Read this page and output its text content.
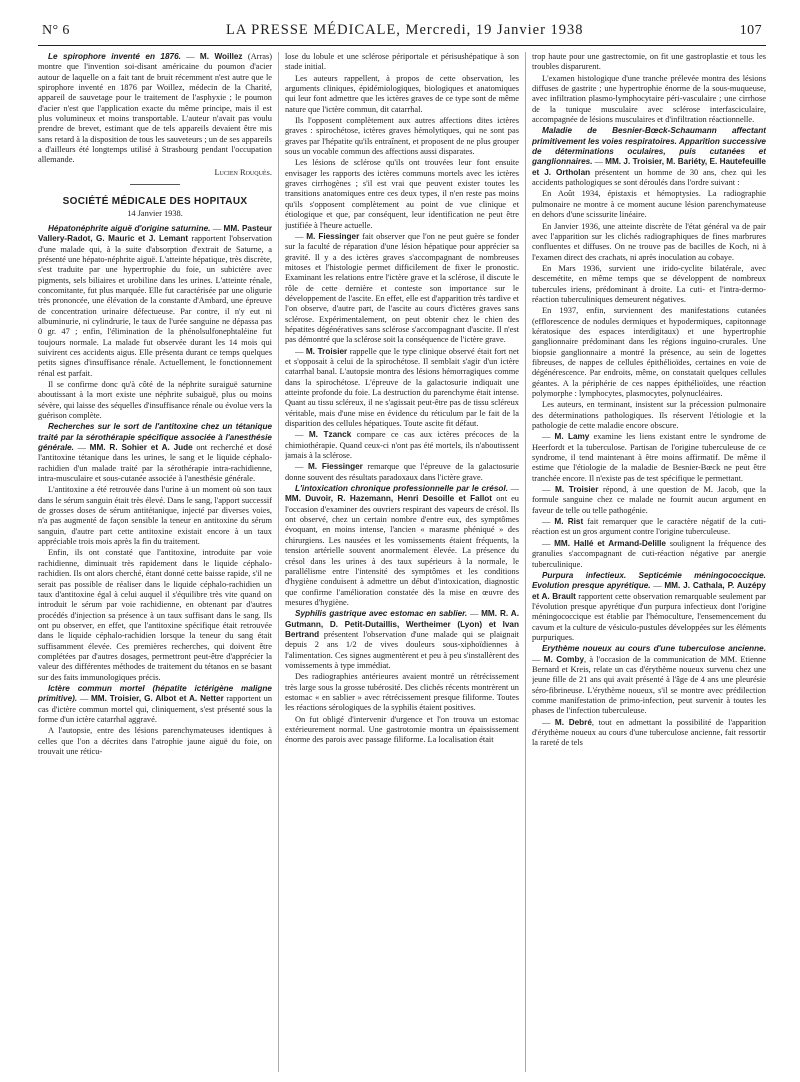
N° 6	LA PRESSE MÉDICALE, Mercredi, 19 Janvier 1938	107

Le spirophore inventé en 1876. — M. Woillez (Arras) montre que l'invention soi-disant américaine du poumon d'acier autour de laquelle on a fait tant de bruit récemment n'est autre que le spirophore inventé en 1876 par Woillez, médecin de la Charité, appareil de sauvetage pour le traitement de l'asphyxie ; le poumon d'acier n'est que l'application exacte du même principe, mais il est plus volumineux et moins transportable. L'auteur n'avait pas voulu prendre de brevet, estimant que de tels appareils devaient être mis sans retard à la disposition de tous les sauveteurs ; un de ses appareils a d'ailleurs été longtemps utilisé à Strasbourg pendant l'occupation allemande.

Lucien Rouquès.

SOCIÉTÉ MÉDICALE DES HOPITAUX

14 Janvier 1938.

Hépatonéphrite aiguë d'origine saturnine. — MM. Pasteur Vallery-Radot, G. Mauric et J. Lemant rapportent l'observation d'une malade qui, à la suite d'absorption d'extrait de Saturne, a présenté une hépato-néphrite aiguë. L'atteinte hépatique, très discrète, s'est traduite par une hypertrophie du foie, un subictère avec pigments, sels biliaires et urobiline dans les urines. L'atteinte rénale, concomitante, fut plus marquée. Elle fut caractérisée par une oligurie très prononcée, une élévation de la constante d'Ambard, une épreuve de concentration urinaire défectueuse. Par contre, il n'y eut ni albuminurie, ni cylindrurie, le taux de l'urée sanguine ne dépassa pas 0 gr. 47 ; enfin, l'élimination de la phénolsulfonephtaléine fut toujours normale. La malade fut observée durant les 14 mois qui suivirent ces accidents aigus. Elle présenta durant ce temps quelques petits signes d'insuffisance rénale. Actuellement, le fonctionnement rénal est parfait.

Il se confirme donc qu'à côté de la néphrite suraiguë saturnine aboutissant à la mort existe une néphrite subaiguë, plus ou moins sévère, qui laisse des séquelles d'insuffisance rénale ou évolue vers la guérison complète.

Recherches sur le sort de l'antitoxine chez un tétanique traité par la sérothérapie spécifique associée à l'anesthésie générale. — MM. R. Sohier et A. Jude ont recherché et dosé l'antitoxine tétanique dans les urines, le sang et le liquide céphalo-rachidien d'un malade traité par la sérothérapie intra-rachidienne, intra-musculaire et sous-cutanée associée à l'anesthésie générale.

L'antitoxine a été retrouvée dans l'urine à un moment où son taux dans le sérum sanguin était très élevé. Dans le sang, l'apport successif de grosses doses de sérum antitétanique, injecté par diverses voies, n'a pas augmenté de façon sensible la teneur en antitoxine du sérum sanguin, d'autre part cette antitoxine existait encore à un taux appréciable trois mois après la fin du traitement.

Enfin, ils ont constaté que l'antitoxine, introduite par voie rachidienne, diminuait très rapidement dans le liquide céphalo-rachidien. Ils ont alors cherché, étant donné cette baisse rapide, s'il ne serait pas possible de réaliser dans le liquide céphalo-rachidien un taux d'antitoxine égal à celui auquel il s'équilibre très vite quand on introduit le sérum par voie rachidienne, en obtenant par d'autres procédés d'injection sa présence à un taux suffisant dans le sang. Ils ont pu observer, en effet, que l'antitoxine spécifique était retrouvée dans le liquide céphalo-rachidien lorsque la teneur du sang était suffisamment élevée. Ces premières recherches, qui doivent être complétées par d'autres dosages, permettront peut-être d'apprécier la valeur des différentes méthodes de traitement du tétanos en se basant sur des faits immunologiques précis.

Ictère commun mortel (hépatite ictérigène maligne primitive). — MM. Troisier, G. Albot et A. Netter rapportent un cas d'ictère commun mortel qui, cliniquement, s'est présenté sous la forme d'un ictère catarrhal aggravé.

A l'autopsie, entre des lésions parenchymateuses identiques à celles que l'on a décrites dans l'atrophie jaune aiguë du foie, on trouvait une réticu-

lose du lobule et une sclérose périportale et périsushépatique à son stade initial.

Les auteurs rappellent, à propos de cette observation, les arguments cliniques, épidémiologiques, biologiques et anatomiques qui leur font admettre que les ictères graves de ce type sont de même nature que l'ictère commun, dit catarrhal.

Ils l'opposent complètement aux autres affections dites ictères graves : spirochétose, ictères graves hémolytiques, qui ne sont pas graves par l'hépatite qu'ils entraînent, et proposent de ne plus grouper sous un vocable commun des affections aussi disparates.

Les lésions de sclérose qu'ils ont trouvées leur font ensuite envisager les rapports des ictères communs mortels avec les ictères graves cirrhogènes ; s'il est vrai que peuvent exister toutes les transitions anatomiques entre ces deux types, il n'en reste pas moins qu'ils s'opposent complètement au point de vue clinique et étiologique et que, par conséquent, leur identification ne peut être justifiée à l'heure actuelle.

— M. Fiessinger fait observer que l'on ne peut guère se fonder sur la faculté de réparation d'une lésion hépatique pour apprécier sa gravité. Il y a des ictères graves s'accompagnant de nombreuses mitoses et l'histologie permet difficilement de fixer le pronostic. Examinant les relations entre l'ictère grave et la sclérose, il discute le rôle de cette dernière et conteste son importance sur le développement de l'ascite. En effet, elle est d'apparition très tardive et l'on observe, d'autre part, de l'ascite au cours d'ictères graves sans sclérose. Expérimentalement, on peut obtenir chez le chien des hépatites dégénératives sans sclérose s'accompagnant d'ascite. Il n'est pas démontré que la sclérose soit la conséquence de l'ictère grave.

— M. Troisier rappelle que le type clinique observé était fort net et s'opposait à celui de la spirochétose. Il semblait s'agir d'un ictère catarrhal banal. L'autopsie montra des lésions hémorragiques comme dans la spirochétose. L'épreuve de la galactosurie indiquait une atteinte profonde du foie. La destruction du parenchyme était intense. Quant au tissu scléreux, il ne s'agissait peut-être pas de tissu scléreux véritable, mais d'une mise en évidence du réticulum par le fait de la disparition des cellules hépatiques. Toute ascite fit défaut.

— M. Tzanck compare ce cas aux ictères précoces de la chimiothérapie. Quand ceux-ci n'ont pas été mortels, ils n'aboutissent jamais à la sclérose.

— M. Fiessinger remarque que l'épreuve de la galactosurie donne souvent des résultats paradoxaux dans l'ictère grave.

L'intoxication chronique professionnelle par le crésol. — MM. Duvoir, R. Hazemann, Henri Desoille et Fallot ont eu l'occasion d'examiner des ouvriers respirant des vapeurs de crésol. Ils ont observé, chez un certain nombre d'entre eux, des symptômes évoquant, en moins intense, l'ancien « marasme phéniqué » des chirurgiens. Les nausées et les vomissements étaient fréquents, la tension artérielle souvent anormalement élevée. La présence du crésol dans les urines à des taux supérieurs à la normale, le parallélisme entre l'intensité des symptômes et les conditions d'hygiène conduisent à admettre un début d'intoxication, diagnostic que confirme l'amélioration constatée dès la mise en œuvre des mesures d'hygiène.

Syphilis gastrique avec estomac en sablier. — MM. R. A. Gutmann, D. Petit-Dutaillis, Wertheimer (Lyon) et Ivan Bertrand présentent l'observation d'une malade qui se plaignait depuis 2 ans 1/2 de vives douleurs sous-xiphoïdiennes à l'alimentation. Ces signes augmentèrent et peu à peu s'installèrent des vomissements à type immédiat.

Des radiographies antérieures avaient montré un rétrécissement très large sous la grosse tubérosité. Des clichés récents montrèrent un estomac « en sablier » avec rétrécissement presque filiforme. Toutes les réactions sérologiques de la syphilis étaient positives.

On fut obligé d'intervenir d'urgence et l'on trouva un estomac extérieurement normal. Une gastrotomie montra un épaississement énorme des parois avec passage filiforme. La localisation était

trop haute pour une gastrectomie, on fit une gastroplastie et tous les troubles disparurent.

L'examen histologique d'une tranche prélevée montra des lésions diffuses de gastrite ; une hypertrophie énorme de la sous-muqueuse, avec infiltration plasmo-lymphocytaire péri-vasculaire ; une cirrhose de la tunique musculaire avec sclérose interfasciculaire, accompagnée de lésions musculaires et d'infiltration réactionnelle.

Maladie de Besnier-Bœck-Schaumann affectant primitivement les voies respiratoires. Apparition successive de déterminations oculaires, puis cutanées et ganglionnaires. — MM. J. Troisier, M. Bariéty, E. Hautefeuille et J. Ortholan présentent un homme de 30 ans, chez qui les accidents pathologiques se sont déroulés dans l'ordre suivant :

En Août 1934, épistaxis et hémoptysies. La radiographie pulmonaire ne montre à ce moment aucune lésion parenchymateuse en dehors d'une scissurite linéaire.

En Janvier 1936, une atteinte discrète de l'état général va de pair avec l'apparition sur les clichés radiographiques de fines marbrures confluentes et diffuses. On ne trouve pas de bacilles de Koch, ni à l'examen direct des crachats, ni après inoculation au cobaye.

En Mars 1936, survient une irido-cyclite bilatérale, avec descemétite, en même temps que se développent de nombreux tubercules iriens, prédominant à droite. La cuti- et l'intra-dermo-réaction tuberculiniques demeurent négatives.

En 1937, enfin, surviennent des manifestations cutanées (efflorescence de nodules dermiques et hypodermiques, capitonnage kératosique des espaces interdigitaux) et une hypertrophie ganglionnaire prédominant dans les régions inguino-crurales. Une biopsie ganglionnaire a montré la présence, au sein de logettes fibreuses, de nappes de cellules épithélioïdes, certaines en voie de dégénérescence. Par endroits, même, on constatait quelques cellules géantes. A la périphérie de ces nappes épithélioïdes, une réaction polymorphe : lymphocytes, plasmocytes, polynucléaires.

Les auteurs, en terminant, insistent sur la précession pulmonaire des déterminations pathologiques. Ils réservent l'étiologie et la pathologie de cette maladie encore obscure.

— M. Lamy examine les liens existant entre le syndrome de Heerfordt et la tuberculose. Partisan de l'origine tuberculeuse de ce syndrome, il tend maintenant à être moins affirmatif. De même il estime que l'étiologie de la maladie de Besnier-Bœck ne peut être tranchée encore. Il n'existe pas de test spécifique le permettant.

— M. Troisier répond, à une question de M. Jacob, que la formule sanguine chez ce malade ne fournit aucun argument en faveur de telle ou telle pathogénie.

— M. Rist fait remarquer que le caractère négatif de la cuti-réaction est un gros argument contre l'origine tuberculeuse.

— MM. Hallé et Armand-Delille soulignent la fréquence des granulies s'accompagnant de cuti-réaction négative par anergie tuberculinique.

Purpura infectieux. Septicémie méningococcique. Evolution presque apyrétique. — MM. J. Cathala, P. Auzépy et A. Brault rapportent cette observation remarquable seulement par l'évolution presque apyrétique d'un purpura infectieux dont l'origine méningococcique est établie par l'hémoculture, l'ensemencement du cavum et la culture de vésiculo-pustules développées sur les éléments purpuriques.

Erythème noueux au cours d'une tuberculose ancienne. — M. Comby, à l'occasion de la communication de MM. Etienne Bernard et Kreis, relate un cas d'érythème noueux survenu chez une jeune fille de 21 ans qui avait présenté à l'âge de 4 ans une pleurésie séro-fibrineuse. L'érythème noueux, s'il se montre avec prédilection comme manifestation de primo-infection, peut survenir à toutes les phases de l'infection tuberculeuse.

— M. Debré, tout en admettant la possibilité de l'apparition d'érythème noueux au cours d'une tuberculose ancienne, fait ressortir la rareté de tels
